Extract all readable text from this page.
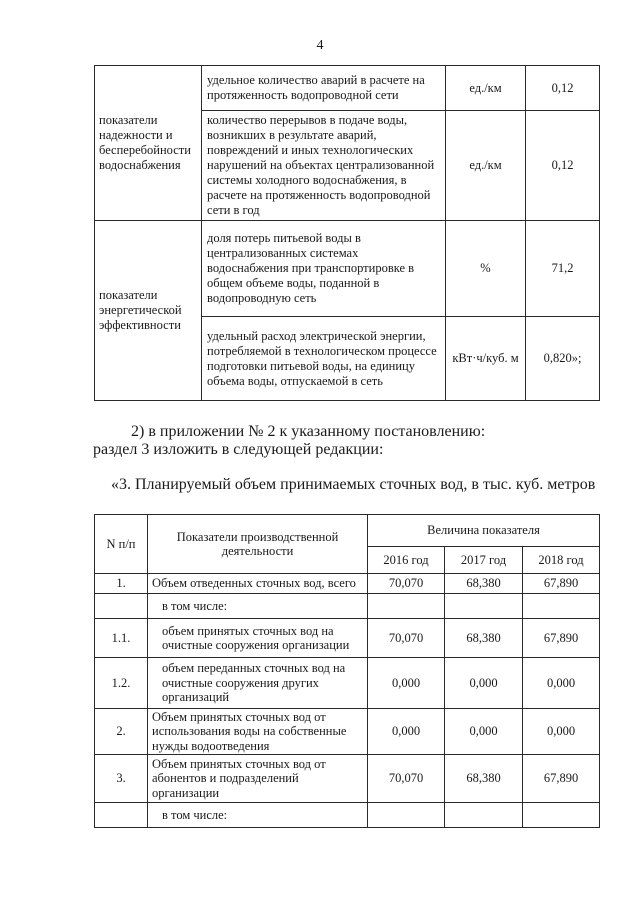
4
показатели надежности и бесперебойности водоснабжения	удельное количество аварий в расчете на протяженность водопроводной сети	ед./км	0,12
	количество перерывов в подаче воды, возникших в результате аварий, повреждений и иных технологических нарушений на объектах централизованной системы холодного водоснабжения, в расчете на протяженность водопроводной сети в год	ед./км	0,12
показатели энергетической эффективности	доля потерь питьевой воды в централизованных системах водоснабжения при транспортировке в общем объеме воды, поданной в водопроводную сеть	%	71,2
	удельный расход электрической энергии, потребляемой в технологическом процессе подготовки питьевой воды, на единицу объема воды, отпускаемой в сеть	кВт·ч/куб. м	0,820»;
2) в приложении № 2 к указанному постановлению:
раздел 3 изложить в следующей редакции:
«3. Планируемый объем принимаемых сточных вод, в тыс. куб. метров
N п/п	Показатели производственной деятельности	Величина показателя		
		2016 год	2017 год	2018 год
1.	Объем отведенных сточных вод, всего	70,070	68,380	67,890
	в том числе:			
1.1.	объем принятых сточных вод на очистные сооружения организации	70,070	68,380	67,890
1.2.	объем переданных сточных вод на очистные сооружения других организаций	0,000	0,000	0,000
2.	Объем принятых сточных вод от использования воды на собственные нужды водоотведения	0,000	0,000	0,000
3.	Объем принятых сточных вод от абонентов и подразделений организации	70,070	68,380	67,890
	в том числе:			
